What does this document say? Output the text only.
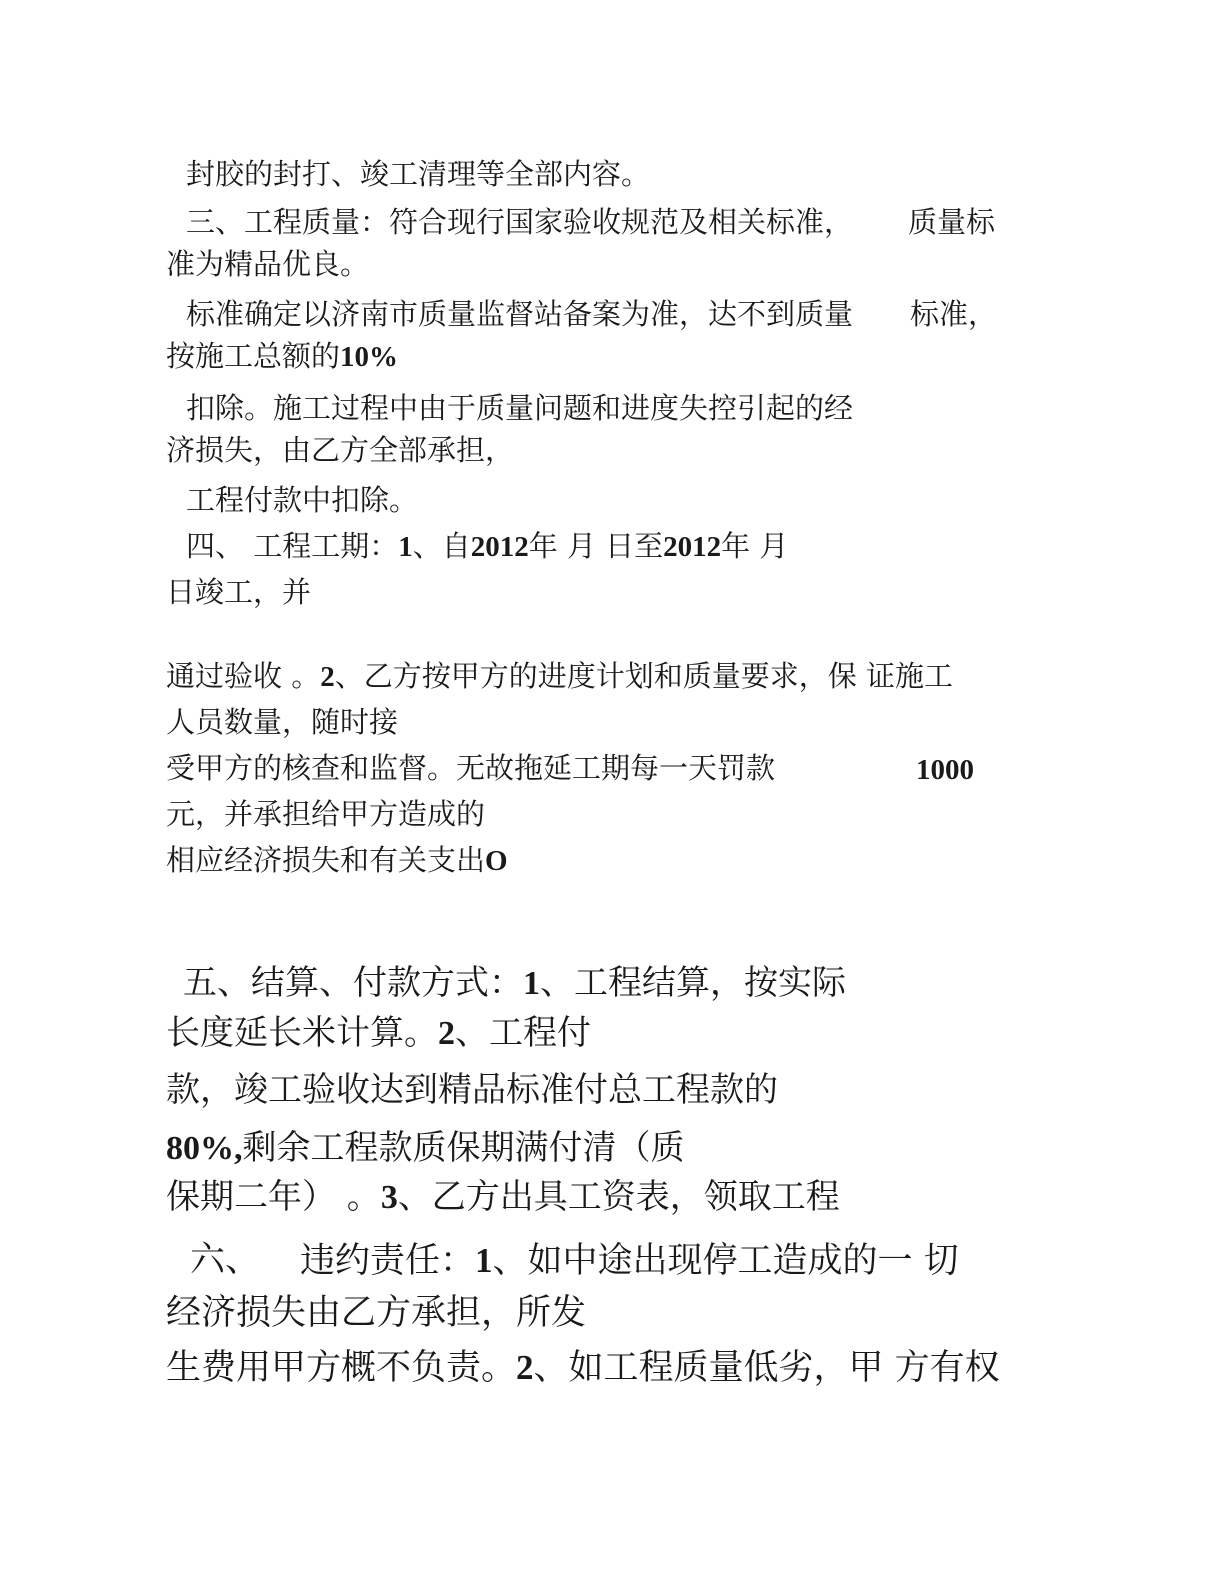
封胶的封打、竣工清理等全部内容。
三、工程质量：符合现行国家验收规范及相关标准， 质量标
准为精品优良。
标准确定以济南市质量监督站备案为准，达不到质量 标准，
按施工总额的10%
扣除。施工过程中由于质量问题和进度失控引起的经
济损失，由乙方全部承担，
工程付款中扣除。
四、 工程工期：1、自2012年 月 日至2012年 月
日竣工，并
通过验收 。2、乙方按甲方的进度计划和质量要求，保 证施工
人员数量，随时接
受甲方的核查和监督。无故拖延工期每一天罚款	1000
元，并承担给甲方造成的
相应经济损失和有关支出O
五、结算、付款方式：1、工程结算，按实际
长度延长米计算。2、工程付
款，竣工验收达到精品标准付总工程款的
80%,剩余工程款质保期满付清（质
保期二年） 。3、乙方出具工资表，领取工程
六、 违约责任：1、如中途出现停工造成的一 切
经济损失由乙方承担，所发
生费用甲方概不负责。2、如工程质量低劣，甲 方有权
